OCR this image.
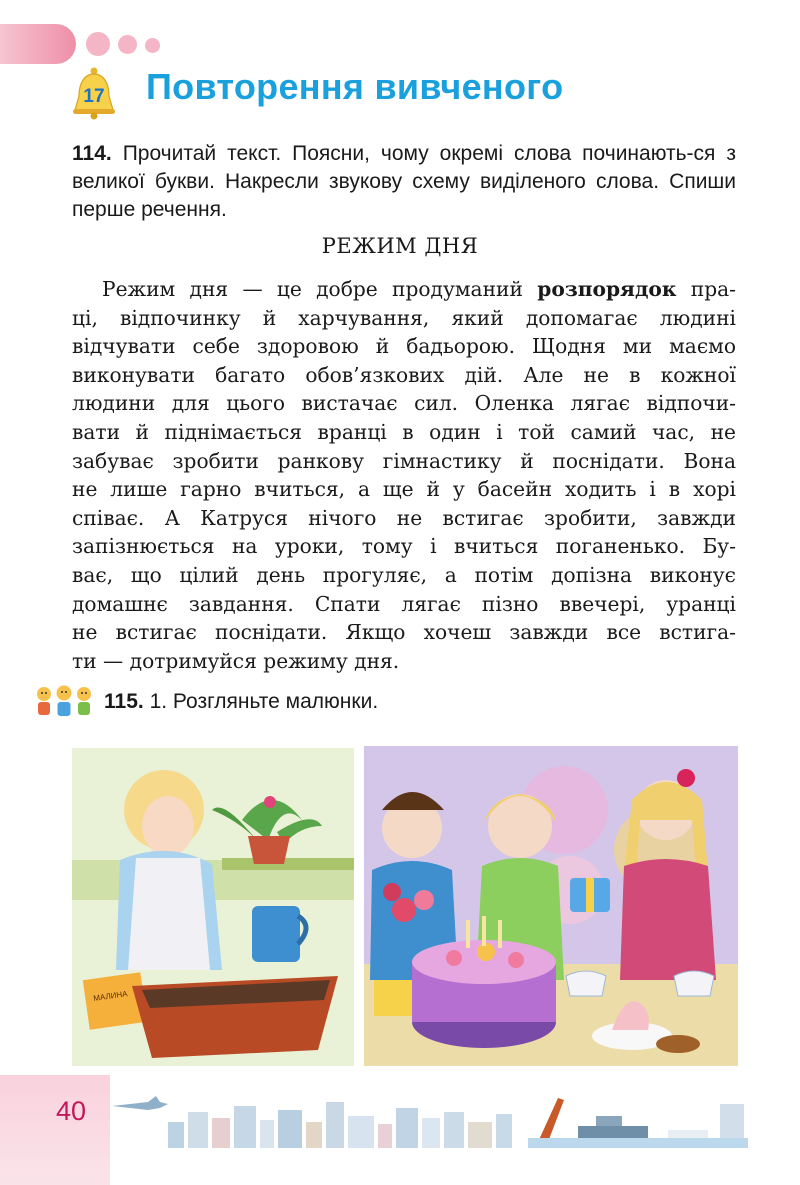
17	Повторення вивченого
114. Прочитай текст. Поясни, чому окремі слова починають-ся з великої букви. Накресли звукову схему виділеного слова. Спиши перше речення.
РЕЖИМ ДНЯ
Режим дня — це добре продуманий розпорядок пра-
ці, відпочинку й харчування, який допомагає людині
відчувати себе здоровою й бадьорою. Щодня ми маємо
виконувати багато обов’язкових дій. Але не в кожної
людини для цього вистачає сил. Оленка лягає відпочи-
вати й піднімається вранці в один і той самий час, не
забуває зробити ранкову гімнастику й поснідати. Вона
не лише гарно вчиться, а ще й у басейн ходить і в хорі
співає. А Катруся нічого не встигає зробити, завжди
запізнюється на уроки, тому і вчиться поганенько. Бу-
ває, що цілий день прогуляє, а потім допізна виконує
домашнє завдання. Спати лягає пізно ввечері, уранці
не встигає поснідати. Якщо хочеш завжди все встига-
ти — дотримуйся режиму дня.
115. 1. Розгляньте малюнки.
МАЛИНА
40
